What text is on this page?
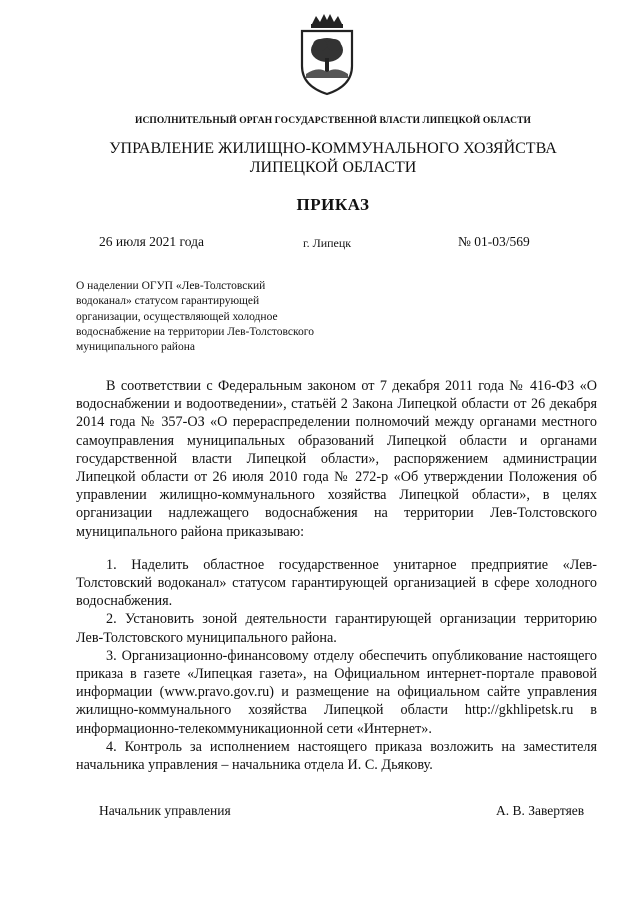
ИСПОЛНИТЕЛЬНЫЙ ОРГАН ГОСУДАРСТВЕННОЙ ВЛАСТИ ЛИПЕЦКОЙ ОБЛАСТИ
УПРАВЛЕНИЕ ЖИЛИЩНО-КОММУНАЛЬНОГО ХОЗЯЙСТВА
ЛИПЕЦКОЙ ОБЛАСТИ
ПРИКАЗ
26 июля 2021 года	г. Липецк	№ 01-03/569
О наделении ОГУП «Лев-Толстовский
водоканал» статусом гарантирующей
организации, осуществляющей холодное
водоснабжение на территории Лев-Толстовского
муниципального района

В соответствии с Федеральным законом от 7 декабря 2011 года № 416-ФЗ «О водоснабжении и водоотведении», статьёй 2 Закона Липецкой области от 26 декабря 2014 года № 357-ОЗ «О перераспределении полномочий между органами местного самоуправления муниципальных образований Липецкой области и органами государственной власти Липецкой области», распоряжением администрации Липецкой области от 26 июля 2010 года № 272-р «Об утверждении Положения об управлении жилищно-коммунального хозяйства Липецкой области», в целях организации надлежащего водоснабжения на территории Лев-Толстовского муниципального района приказываю:

1. Наделить областное государственное унитарное предприятие «Лев-Толстовский водоканал» статусом гарантирующей организацией в сфере холодного водоснабжения.

2. Установить зоной деятельности гарантирующей организации территорию Лев-Толстовского муниципального района.

3. Организационно-финансовому отделу обеспечить опубликование настоящего приказа в газете «Липецкая газета», на Официальном интернет-портале правовой информации (www.pravo.gov.ru) и размещение на официальном сайте управления жилищно-коммунального хозяйства Липецкой области http://gkhlipetsk.ru в информационно-телекоммуникационной сети «Интернет».

4. Контроль за исполнением настоящего приказа возложить на заместителя начальника управления – начальника отдела И. С. Дьякову.

Начальник управления	А. В. Завертяев
